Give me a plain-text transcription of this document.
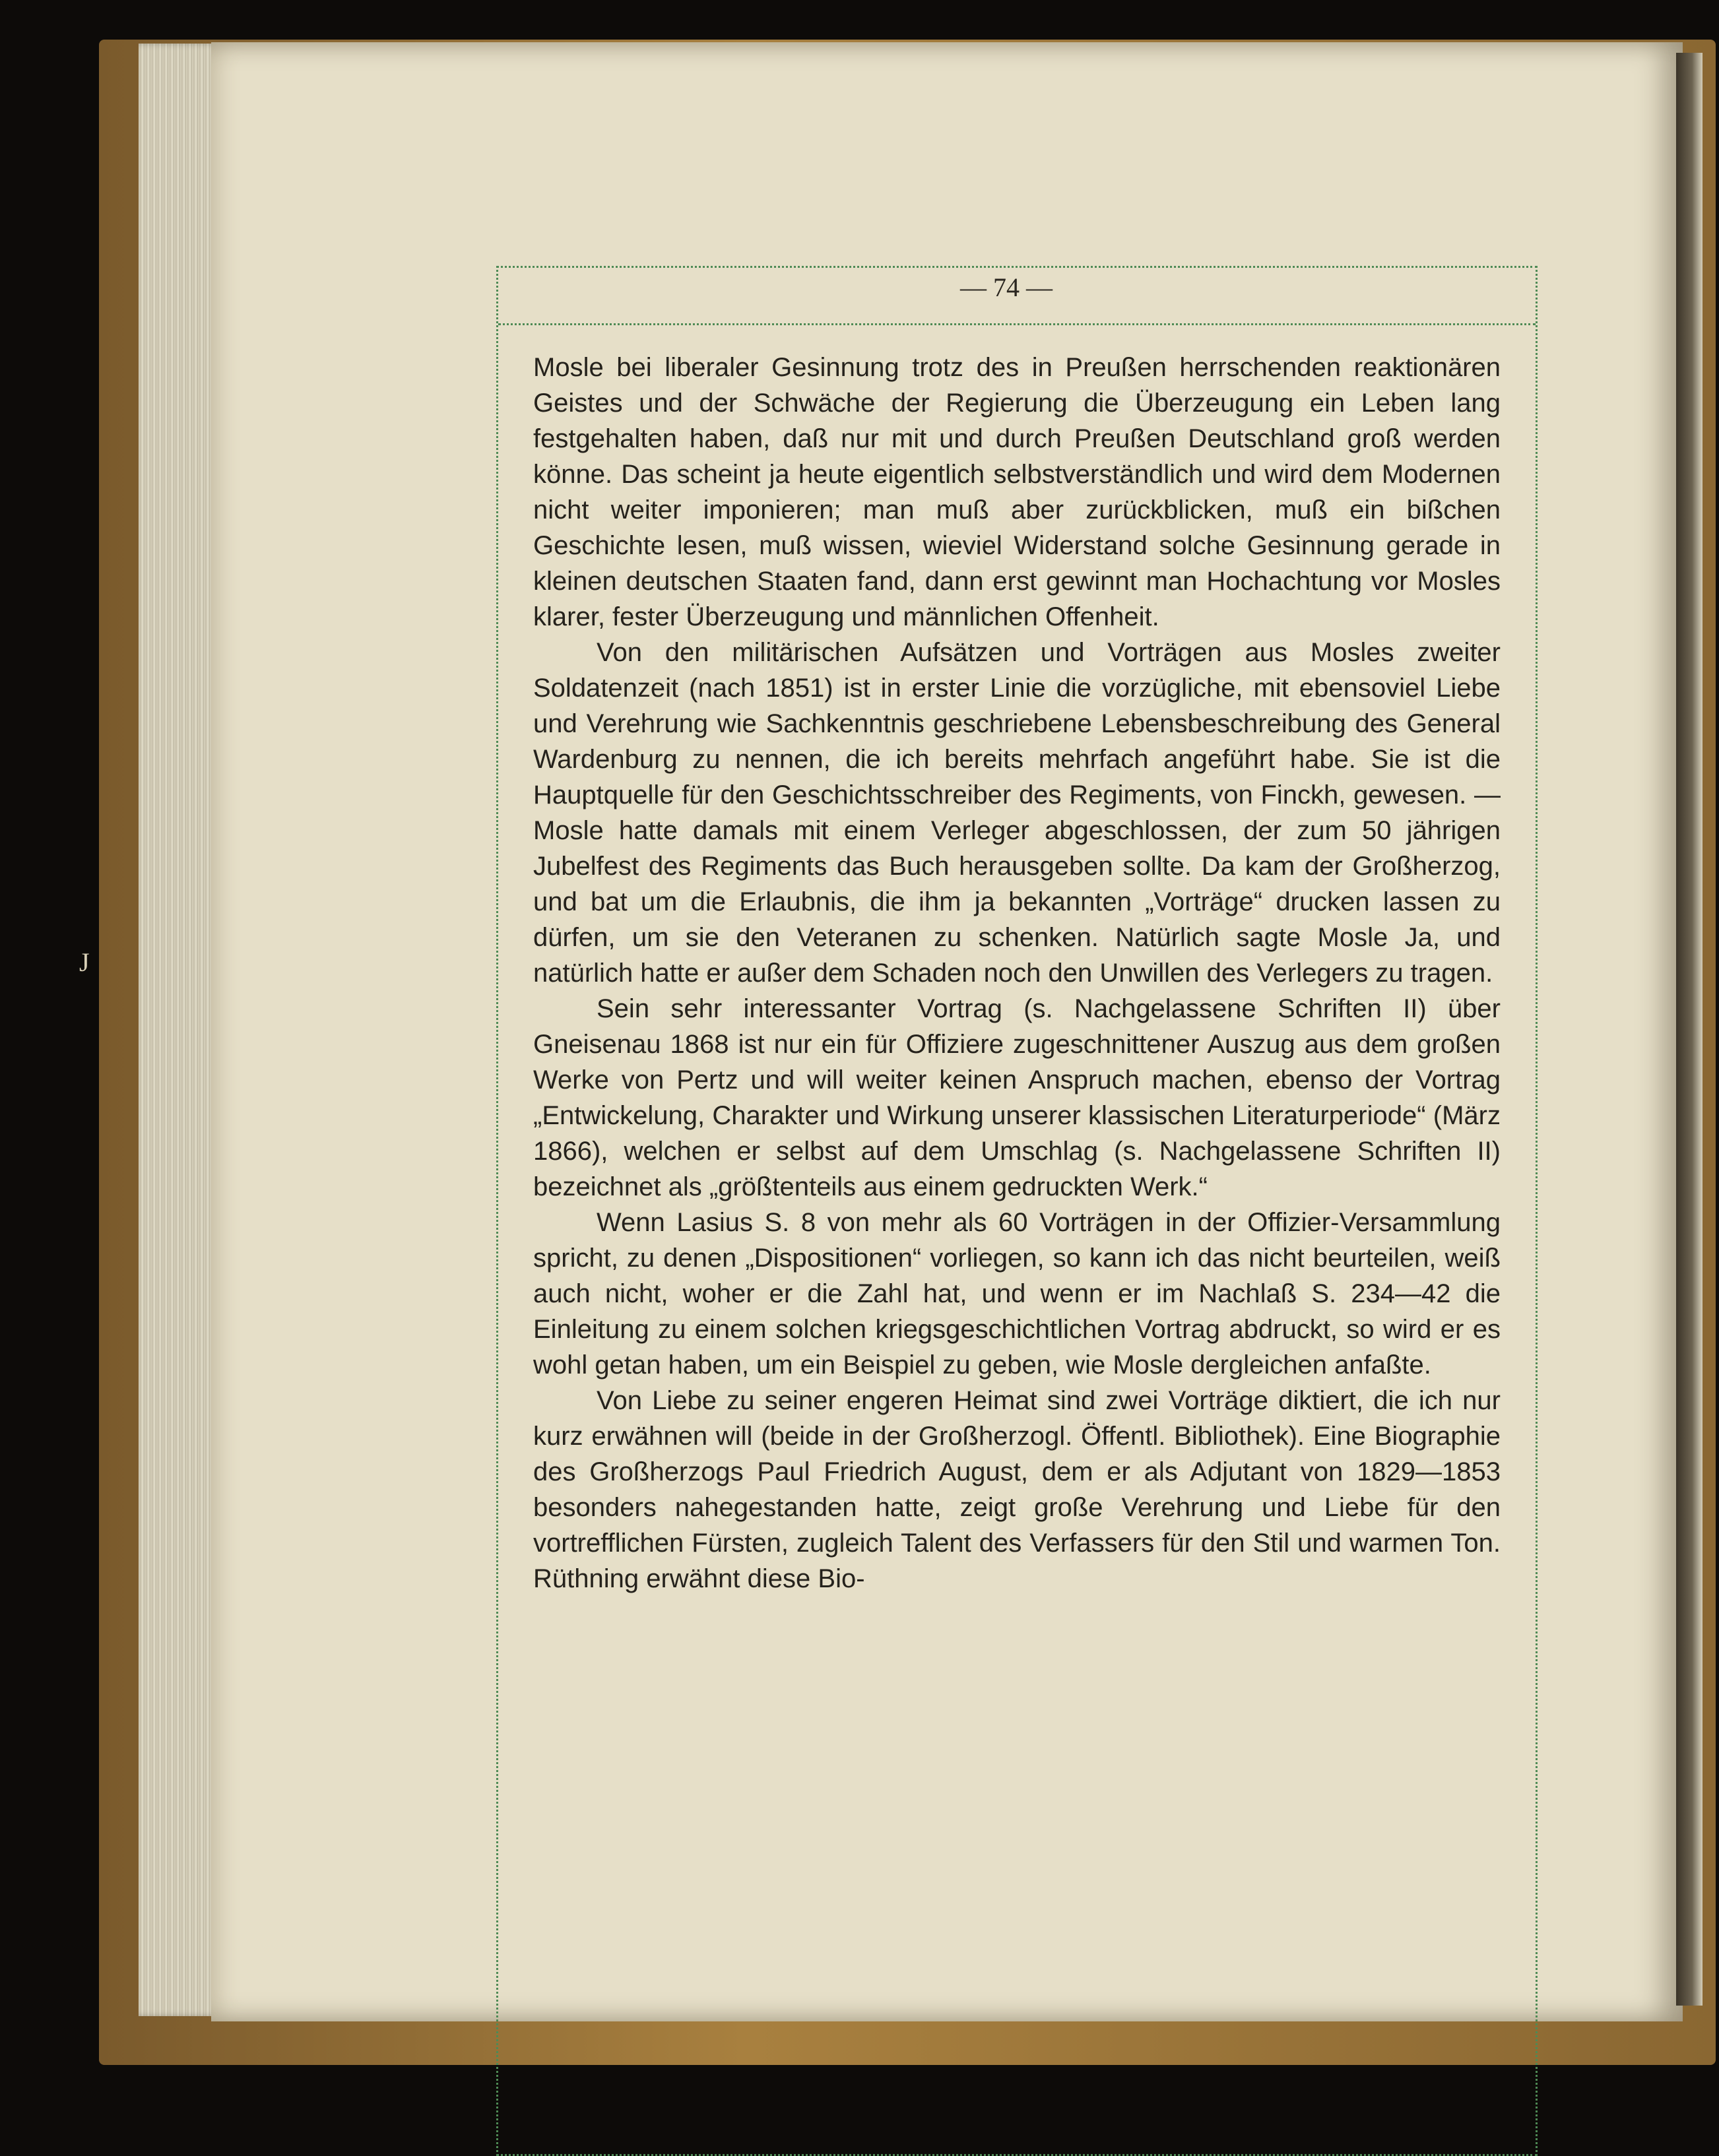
J
— 74 —

Mosle bei liberaler Gesinnung trotz des in Preußen herrschenden reaktionären Geistes und der Schwäche der Regierung die Überzeugung ein Leben lang festgehalten haben, daß nur mit und durch Preußen Deutschland groß werden könne. Das scheint ja heute eigentlich selbstverständlich und wird dem Modernen nicht weiter imponieren; man muß aber zurückblicken, muß ein bißchen Geschichte lesen, muß wissen, wieviel Widerstand solche Gesinnung gerade in kleinen deutschen Staaten fand, dann erst gewinnt man Hochachtung vor Mosles klarer, fester Überzeugung und männlichen Offenheit.

Von den militärischen Aufsätzen und Vorträgen aus Mosles zweiter Soldatenzeit (nach 1851) ist in erster Linie die vorzügliche, mit ebensoviel Liebe und Verehrung wie Sachkenntnis geschriebene Lebensbeschreibung des General Wardenburg zu nennen, die ich bereits mehrfach angeführt habe. Sie ist die Hauptquelle für den Geschichtsschreiber des Regiments, von Finckh, gewesen. — Mosle hatte damals mit einem Verleger abgeschlossen, der zum 50 jährigen Jubelfest des Regiments das Buch herausgeben sollte. Da kam der Großherzog, und bat um die Erlaubnis, die ihm ja bekannten „Vorträge“ drucken lassen zu dürfen, um sie den Veteranen zu schenken. Natürlich sagte Mosle Ja, und natürlich hatte er außer dem Schaden noch den Unwillen des Verlegers zu tragen.

Sein sehr interessanter Vortrag (s. Nachgelassene Schriften II) über Gneisenau 1868 ist nur ein für Offiziere zugeschnittener Auszug aus dem großen Werke von Pertz und will weiter keinen Anspruch machen, ebenso der Vortrag „Entwickelung, Charakter und Wirkung unserer klassischen Literaturperiode“ (März 1866), welchen er selbst auf dem Umschlag (s. Nachgelassene Schriften II) bezeichnet als „größtenteils aus einem gedruckten Werk.“

Wenn Lasius S. 8 von mehr als 60 Vorträgen in der Offizier-Versammlung spricht, zu denen „Dispositionen“ vorliegen, so kann ich das nicht beurteilen, weiß auch nicht, woher er die Zahl hat, und wenn er im Nachlaß S. 234—42 die Einleitung zu einem solchen kriegsgeschichtlichen Vortrag abdruckt, so wird er es wohl getan haben, um ein Beispiel zu geben, wie Mosle dergleichen anfaßte.

Von Liebe zu seiner engeren Heimat sind zwei Vorträge diktiert, die ich nur kurz erwähnen will (beide in der Großherzogl. Öffentl. Bibliothek). Eine Biographie des Großherzogs Paul Friedrich August, dem er als Adjutant von 1829—1853 besonders nahegestanden hatte, zeigt große Verehrung und Liebe für den vortrefflichen Fürsten, zugleich Talent des Verfassers für den Stil und warmen Ton. Rüthning erwähnt diese Bio-
